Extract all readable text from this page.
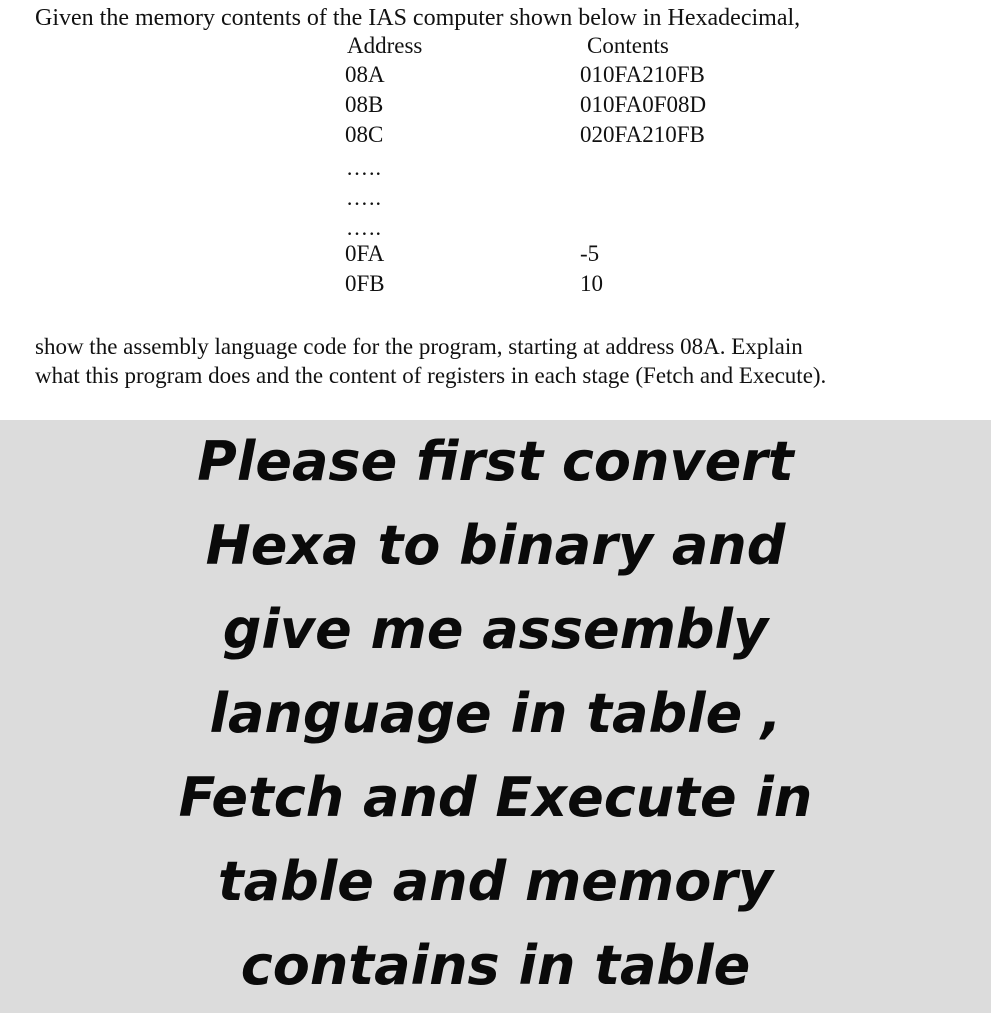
Given the memory contents of the IAS computer shown below in Hexadecimal,

Address	Contents
08A	010FA210FB
08B	010FA0F08D
08C	020FA210FB
…..
…..
…..
0FA	-5
0FB	10

show the assembly language code for the program, starting at address 08A. Explain
what this program does and the content of registers in each stage (Fetch and Execute).

Please first convert
Hexa to binary and
give me assembly
language in table ,
Fetch and Execute in
table and memory
contains in table
